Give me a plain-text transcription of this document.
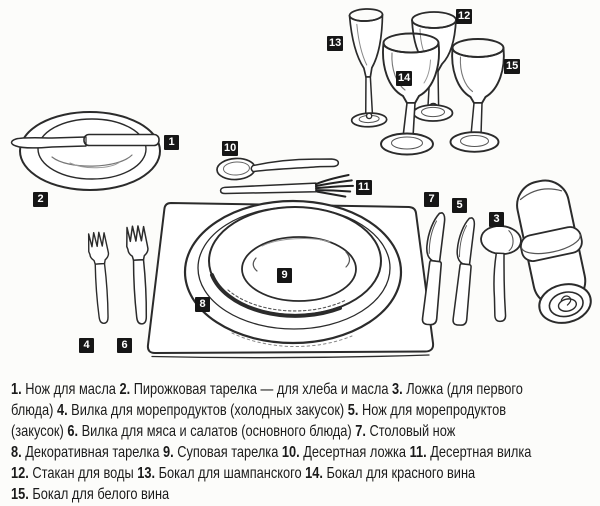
1
2
3
4
5
6
7
8
9
10
11
12
13
14
15
1. Нож для масла 2. Пирожковая тарелка — для хлеба и масла 3. Ложка (для первого
блюда) 4. Вилка для морепродуктов (холодных закусок) 5. Нож для морепродуктов
(закусок) 6. Вилка для мяса и салатов (основного блюда) 7. Столовый нож
8. Декоративная тарелка 9. Суповая тарелка 10. Десертная ложка 11. Десертная вилка
12. Стакан для воды 13. Бокал для шампанского 14. Бокал для красного вина
15. Бокал для белого вина
